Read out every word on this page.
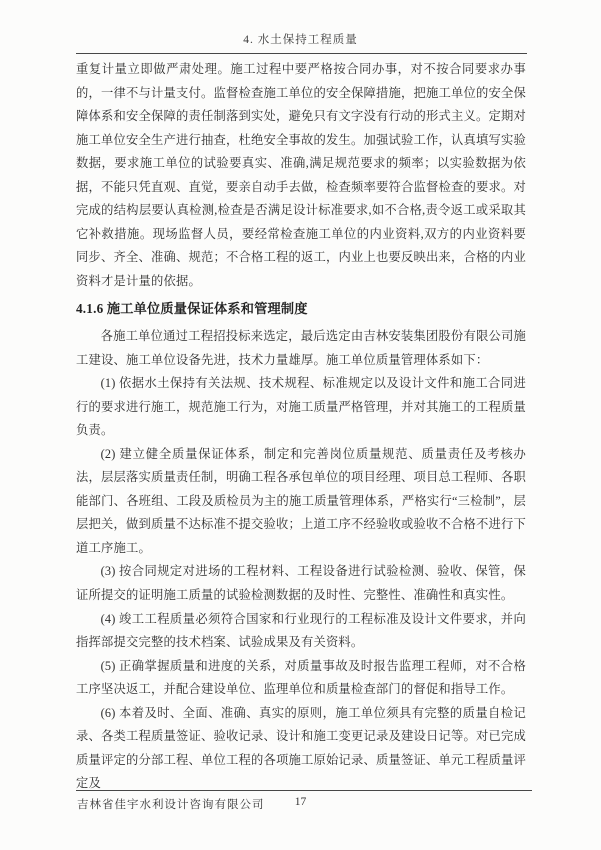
4. 水土保持工程质量

重复计量立即做严肃处理。施工过程中要严格按合同办事，对不按合同要求办事的，一律不与计量支付。监督检查施工单位的安全保障措施，把施工单位的安全保障体系和安全保障的责任制落到实处，避免只有文字没有行动的形式主义。定期对施工单位安全生产进行抽查，杜绝安全事故的发生。加强试验工作，认真填写实验数据，要求施工单位的试验要真实、准确,满足规范要求的频率；以实验数据为依据，不能只凭直观、直觉，要亲自动手去做，检查频率要符合监督检查的要求。对完成的结构层要认真检测,检查是否满足设计标准要求,如不合格,责令返工或采取其它补救措施。现场监督人员，要经常检查施工单位的内业资料,双方的内业资料要同步、齐全、准确、规范；不合格工程的返工，内业上也要反映出来，合格的内业资料才是计量的依据。

4.1.6 施工单位质量保证体系和管理制度

各施工单位通过工程招投标来选定，最后选定由吉林安装集团股份有限公司施工建设、施工单位设备先进，技术力量雄厚。施工单位质量管理体系如下：

(1) 依据水土保持有关法规、技术规程、标准规定以及设计文件和施工合同进行的要求进行施工，规范施工行为，对施工质量严格管理，并对其施工的工程质量负责。

(2) 建立健全质量保证体系，制定和完善岗位质量规范、质量责任及考核办法，层层落实质量责任制，明确工程各承包单位的项目经理、项目总工程师、各职能部门、各班组、工段及质检员为主的施工质量管理体系，严格实行“三检制”，层层把关，做到质量不达标准不提交验收；上道工序不经验收或验收不合格不进行下道工序施工。

(3) 按合同规定对进场的工程材料、工程设备进行试验检测、验收、保管，保证所提交的证明施工质量的试验检测数据的及时性、完整性、准确性和真实性。

(4) 竣工工程质量必须符合国家和行业现行的工程标准及设计文件要求，并向指挥部提交完整的技术档案、试验成果及有关资料。

(5) 正确掌握质量和进度的关系，对质量事故及时报告监理工程师，对不合格工序坚决返工，并配合建设单位、监理单位和质量检查部门的督促和指导工作。

(6) 本着及时、全面、准确、真实的原则，施工单位须具有完整的质量自检记录、各类工程质量签证、验收记录、设计和施工变更记录及建设日记等。对已完成质量评定的分部工程、单位工程的各项施工原始记录、质量签证、单元工程质量评定及

吉林省佳宇水利设计咨询有限公司	17
